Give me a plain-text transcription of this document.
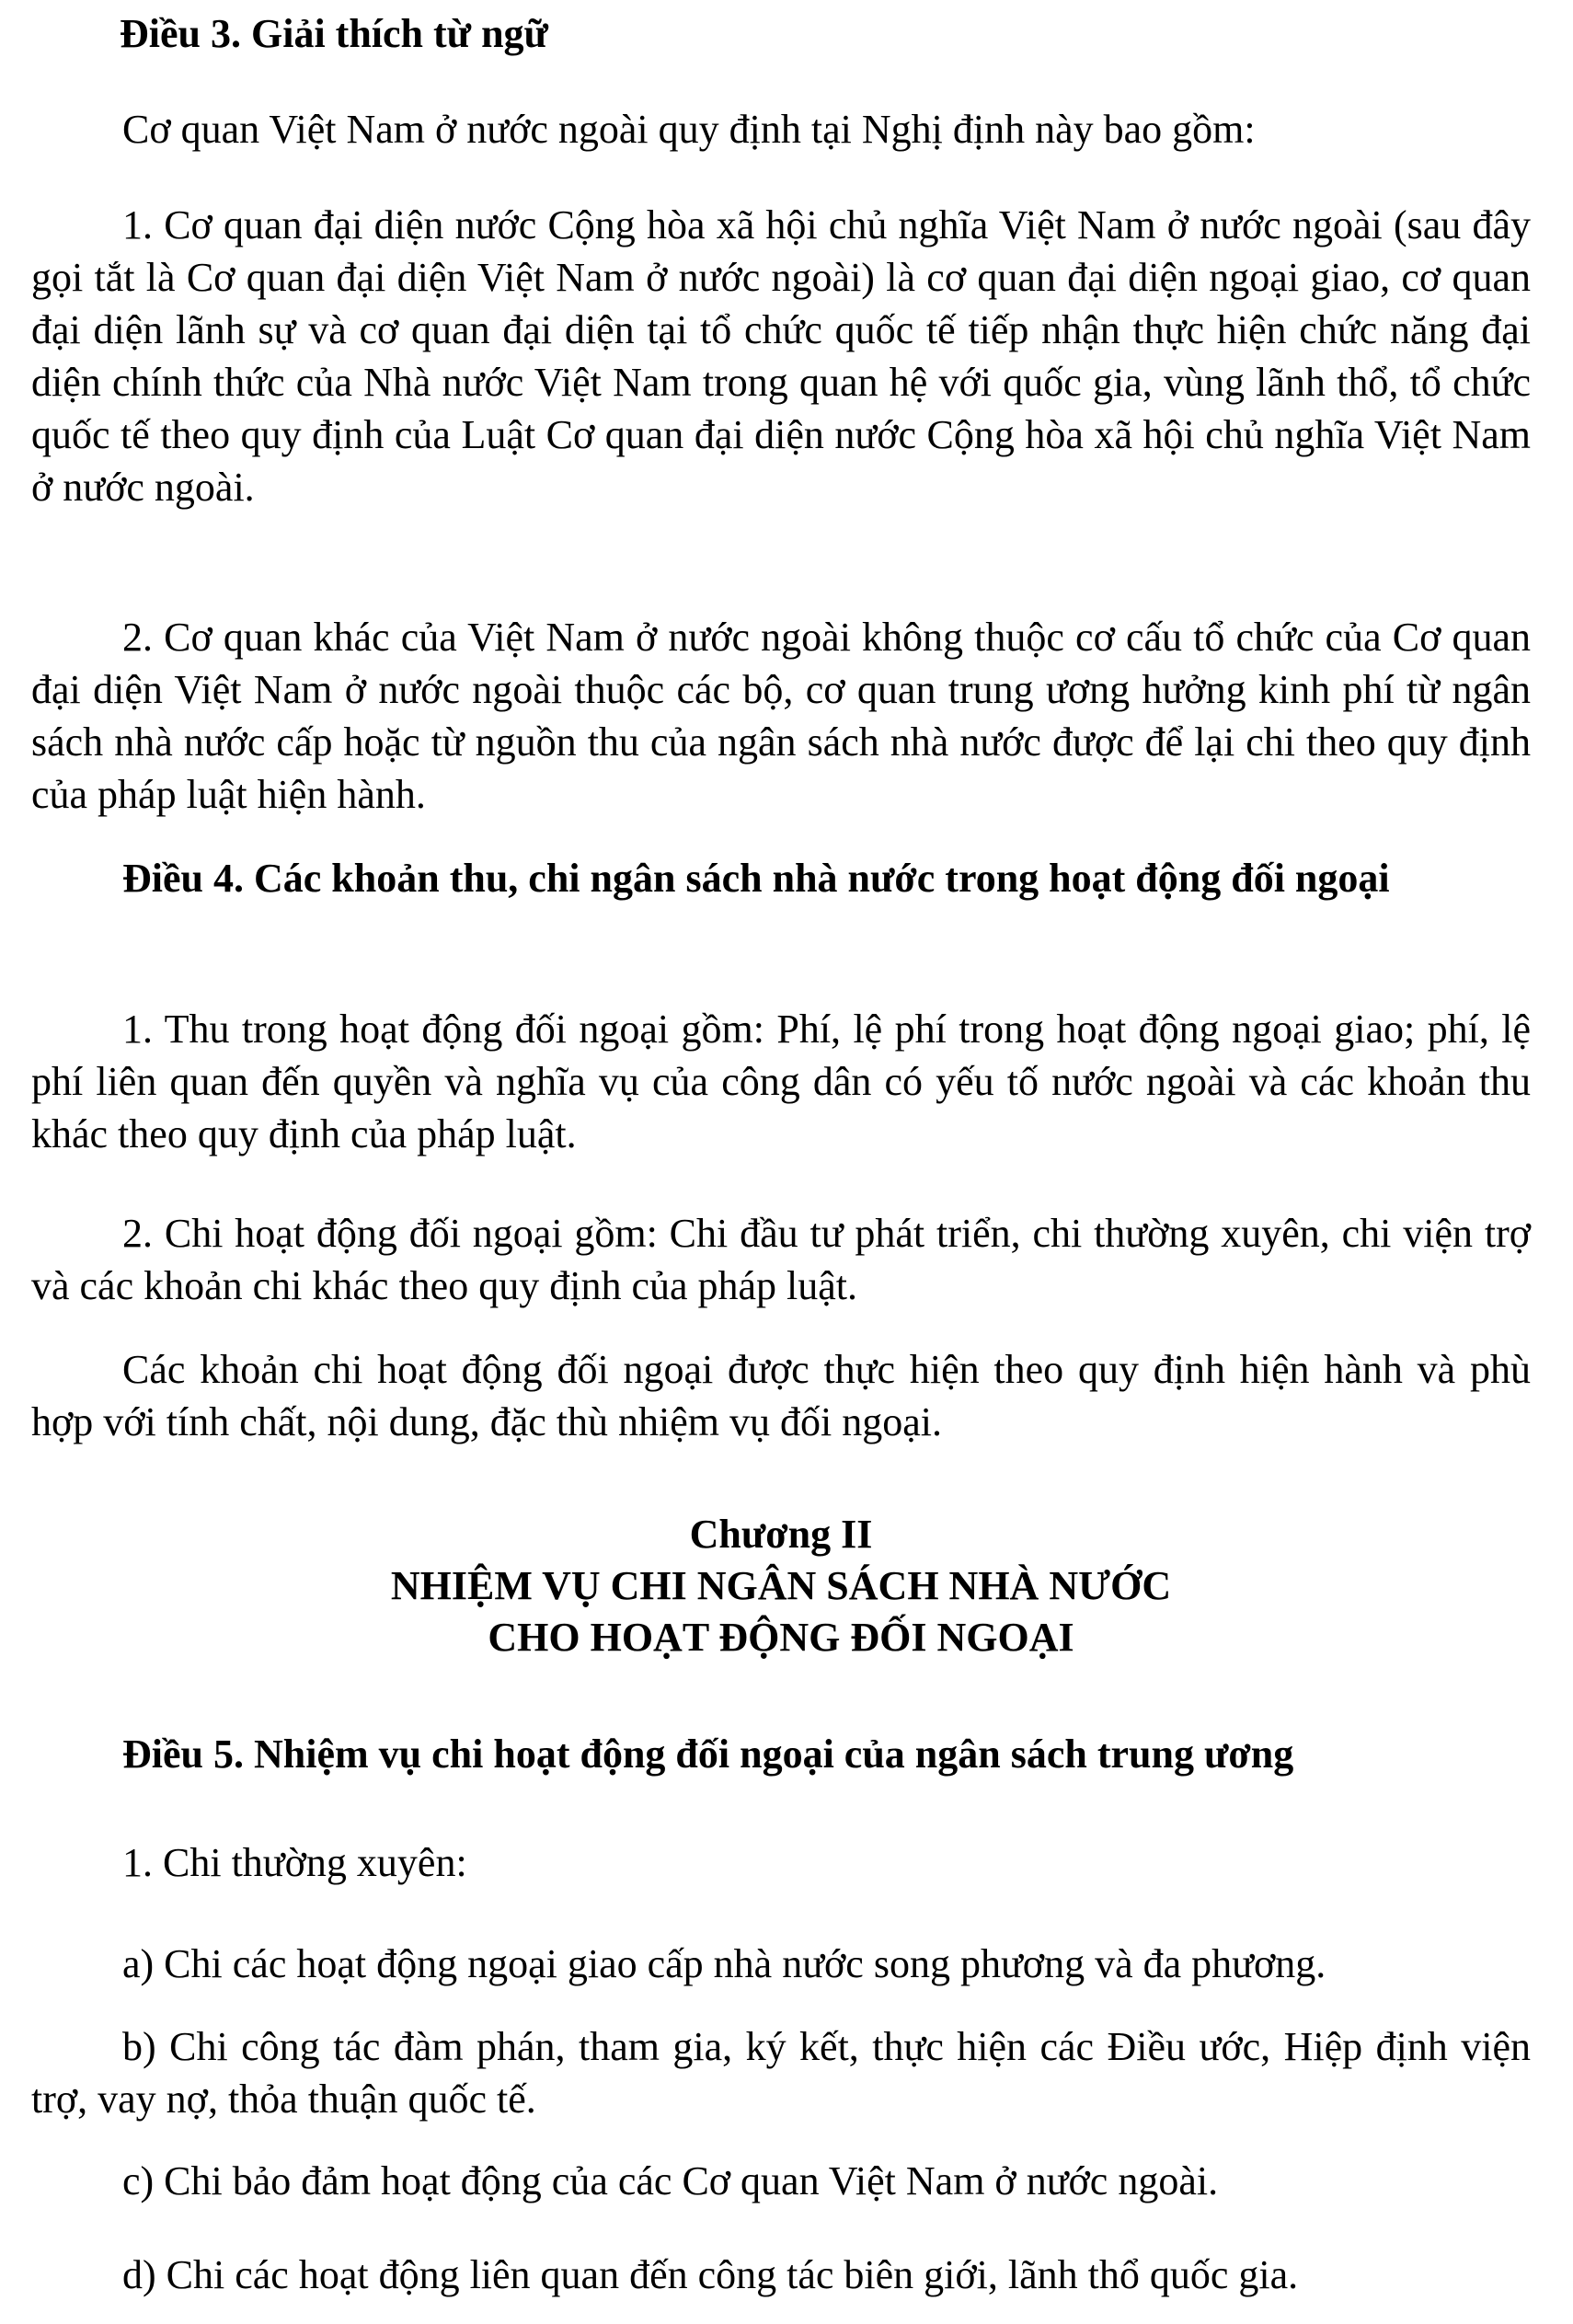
Điều 3. Giải thích từ ngữ

Cơ quan Việt Nam ở nước ngoài quy định tại Nghị định này bao gồm:

1. Cơ quan đại diện nước Cộng hòa xã hội chủ nghĩa Việt Nam ở nước ngoài (sau đây gọi tắt là Cơ quan đại diện Việt Nam ở nước ngoài) là cơ quan đại diện ngoại giao, cơ quan đại diện lãnh sự và cơ quan đại diện tại tổ chức quốc tế tiếp nhận thực hiện chức năng đại diện chính thức của Nhà nước Việt Nam trong quan hệ với quốc gia, vùng lãnh thổ, tổ chức quốc tế theo quy định của Luật Cơ quan đại diện nước Cộng hòa xã hội chủ nghĩa Việt Nam ở nước ngoài.

2. Cơ quan khác của Việt Nam ở nước ngoài không thuộc cơ cấu tổ chức của Cơ quan đại diện Việt Nam ở nước ngoài thuộc các bộ, cơ quan trung ương hưởng kinh phí từ ngân sách nhà nước cấp hoặc từ nguồn thu của ngân sách nhà nước được để lại chi theo quy định của pháp luật hiện hành.

Điều 4. Các khoản thu, chi ngân sách nhà nước trong hoạt động đối ngoại

1. Thu trong hoạt động đối ngoại gồm: Phí, lệ phí trong hoạt động ngoại giao; phí, lệ phí liên quan đến quyền và nghĩa vụ của công dân có yếu tố nước ngoài và các khoản thu khác theo quy định của pháp luật.

2. Chi hoạt động đối ngoại gồm: Chi đầu tư phát triển, chi thường xuyên, chi viện trợ và các khoản chi khác theo quy định của pháp luật.

Các khoản chi hoạt động đối ngoại được thực hiện theo quy định hiện hành và phù hợp với tính chất, nội dung, đặc thù nhiệm vụ đối ngoại.

Chương II

NHIỆM VỤ CHI NGÂN SÁCH NHÀ NƯỚC

CHO HOẠT ĐỘNG ĐỐI NGOẠI

Điều 5. Nhiệm vụ chi hoạt động đối ngoại của ngân sách trung ương

1. Chi thường xuyên:

a) Chi các hoạt động ngoại giao cấp nhà nước song phương và đa phương.

b) Chi công tác đàm phán, tham gia, ký kết, thực hiện các Điều ước, Hiệp định viện trợ, vay nợ, thỏa thuận quốc tế.

c) Chi bảo đảm hoạt động của các Cơ quan Việt Nam ở nước ngoài.

d) Chi các hoạt động liên quan đến công tác biên giới, lãnh thổ quốc gia.
